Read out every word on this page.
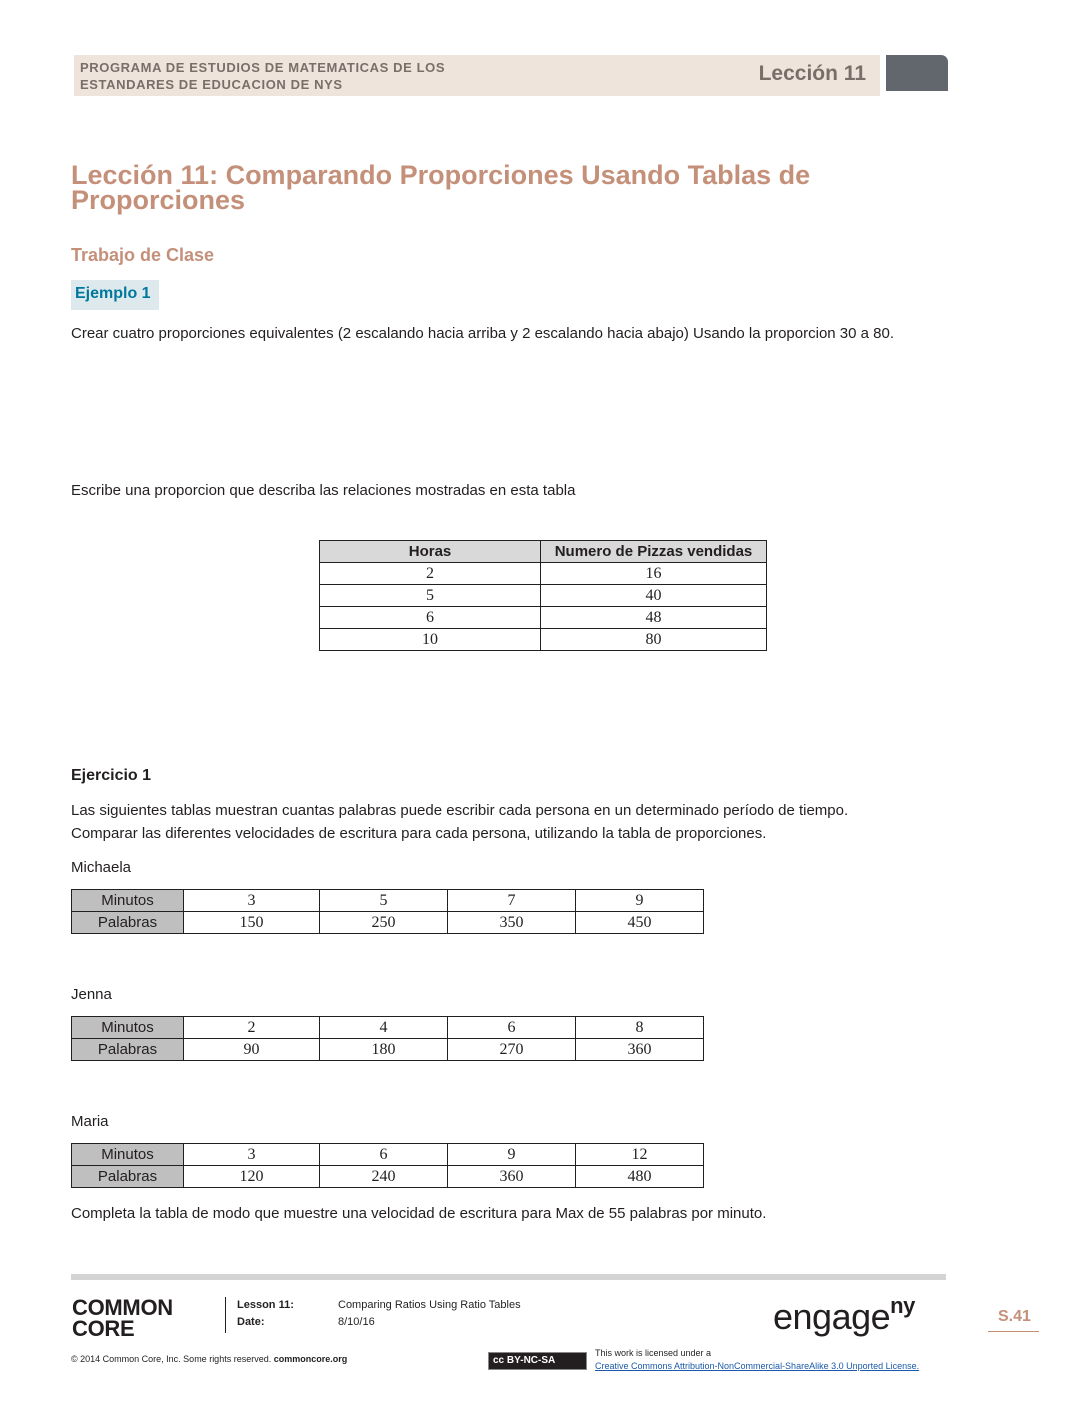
PROGRAMA DE ESTUDIOS DE MATEMATICAS DE LOS
ESTANDARES DE EDUCACION DE NYS	Lección 11
Lección 11: Comparando Proporciones Usando Tablas de Proporciones
Trabajo de Clase
Ejemplo 1
Crear cuatro proporciones equivalentes (2 escalando hacia arriba y 2 escalando hacia abajo) Usando la proporcion 30 a 80.
Escribe una proporcion que describa las relaciones mostradas en esta tabla
Horas	Numero de Pizzas vendidas
2	16
5	40
6	48
10	80
Ejercicio 1
Las siguientes tablas muestran cuantas palabras puede escribir cada persona en un determinado período de tiempo.
Comparar las diferentes velocidades de escritura para cada persona, utilizando la tabla de proporciones.
Michaela
Minutos	3	5	7	9
Palabras	150	250	350	450
Jenna
Minutos	2	4	6	8
Palabras	90	180	270	360
Maria
Minutos	3	6	9	12
Palabras	120	240	360	480
Completa la tabla de modo que muestre una velocidad de escritura para Max de 55 palabras por minuto.
COMMON
CORE
Lesson 11:	Comparing Ratios Using Ratio Tables
Date:	8/10/16	engage$^{ny}$	S.41
© 2014 Common Core, Inc. Some rights reserved. commoncore.org	cc BY-NC-SA
This work is licensed under a
Creative Commons Attribution-NonCommercial-ShareAlike 3.0 Unported License.
